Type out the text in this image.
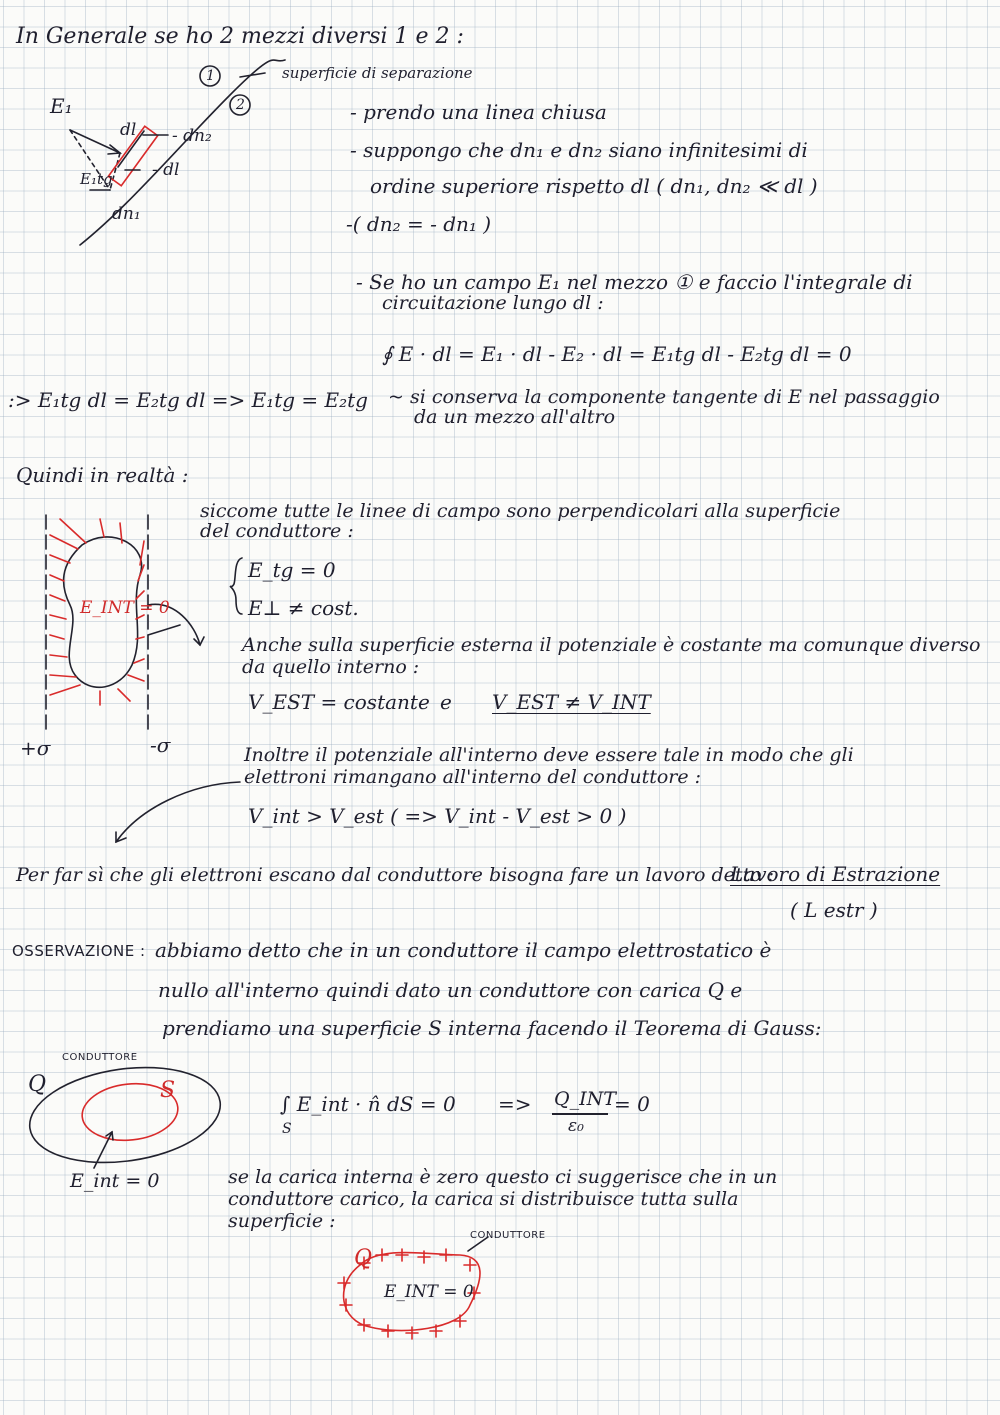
In Generale se ho 2 mezzi diversi 1 e 2 :
E₁
E₁tg
dl
- dl
- dn₂
dn₁
1
2
superficie di separazione
- prendo una linea chiusa
- suppongo che dn₁ e dn₂ siano infinitesimi di
ordine superiore rispetto dl ( dn₁, dn₂ ≪ dl )
-( dn₂ = - dn₁ )
- Se ho un campo E₁ nel mezzo ① e faccio l'integrale di
circuitazione lungo dl :
∮ E · dl = E₁ · dl - E₂ · dl = E₁tg dl - E₂tg dl = 0
:> E₁tg dl = E₂tg dl => E₁tg = E₂tg ~ si conserva la componente tangente di E nel passaggio
da un mezzo all'altro
Quindi in realtà :
E_INT = 0
+σ	-σ
siccome tutte le linee di campo sono perpendicolari alla superficie
del conduttore :
E_tg = 0
E⊥ ≠ cost.
Anche sulla superficie esterna il potenziale è costante ma comunque diverso
da quello interno :
V_EST = costante e V_EST ≠ V_INT
Inoltre il potenziale all'interno deve essere tale in modo che gli
elettroni rimangano all'interno del conduttore :
V_int > V_est ( => V_int - V_est > 0 )
Per far sì che gli elettroni escano dal conduttore bisogna fare un lavoro detto :
Lavoro di Estrazione
( L estr )
OSSERVAZIONE : abbiamo detto che in un conduttore il campo elettrostatico è
nullo all'interno quindi dato un conduttore con carica Q e
prendiamo una superficie S interna facendo il Teorema di Gauss:
CONDUTTORE
Q	S
E_int = 0
∫ E_int · n̂ dS = 0
S
=> Q_INT
ε₀
= 0
se la carica interna è zero questo ci suggerisce che in un
conduttore carico, la carica si distribuisce tutta sulla
superficie :
CONDUTTORE
Q
E_INT = 0
